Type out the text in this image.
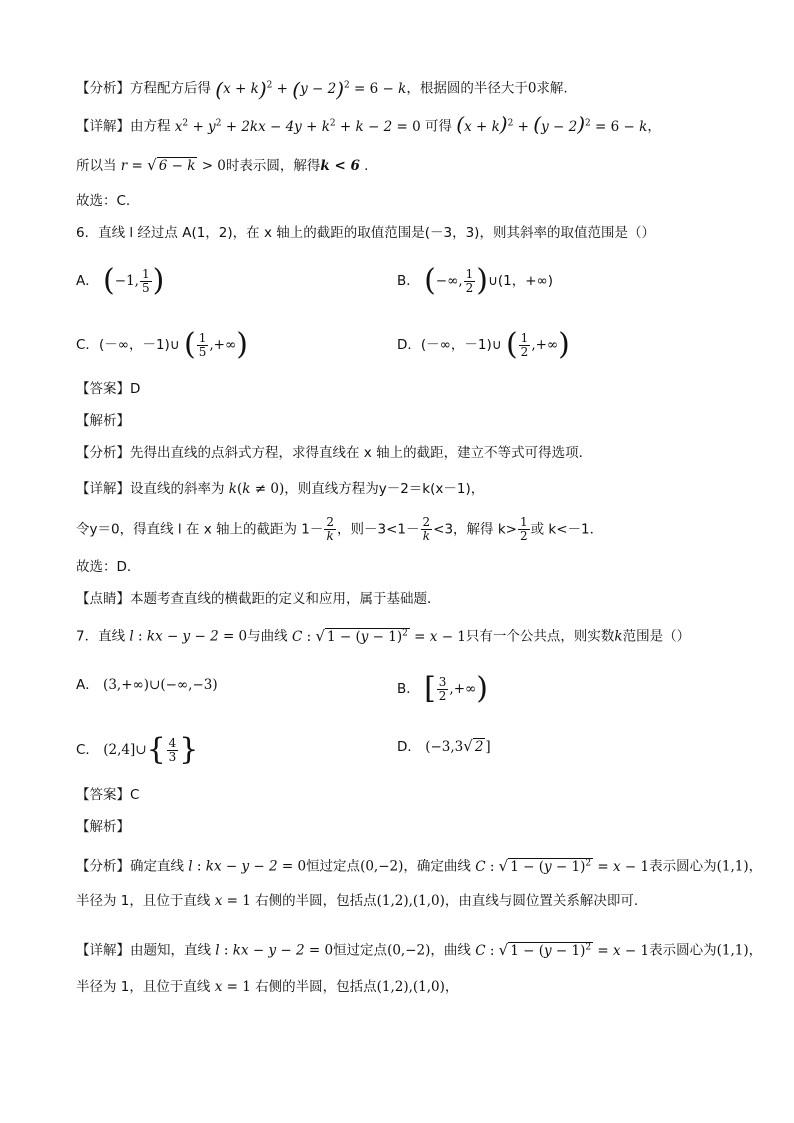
【分析】方程配方后得 $(x + k)^2 + (y - 2)^2 = 6 - k$，根据圆的半径大于0求解.
【详解】由方程 $x^2 + y^2 + 2kx - 4y + k^2 + k - 2 = 0$ 可得 $(x + k)^2 + (y - 2)^2 = 6 - k$，
所以当 r = √ 6 − k > 0时表示圆，解得k < 6 .
故选：C.
6．直线 l 经过点 A(1，2)，在 x 轴上的截距的取值范围是(－3，3)，则其斜率的取值范围是（）
A． (−1, $\frac{1}{5}$ )	B． (−∞, $\frac{1}{2}$ )∪(1，+∞)
C．(－∞，－1)∪ ( $\frac{1}{5}$ ,+∞)	D．(－∞，－1)∪ ( $\frac{1}{2}$ ,+∞)
【答案】D
【解析】
【分析】先得出直线的点斜式方程，求得直线在 x 轴上的截距，建立不等式可得选项．
【详解】设直线的斜率为 k(k ≠ 0)，则直线方程为y－2＝k(x－1)，
令y＝0，得直线 l 在 x 轴上的截距为 $1- \frac{2}{k}$ ，则$-3<1- \frac{2}{k} <3$，解得 $k> \frac{1}{2}$ 或 k<－1．
故选：D．
【点睛】本题考查直线的横截距的定义和应用，属于基础题．
7．直线 l : kx − y − 2 = 0与曲线 C : √ $1 - (y - 1)^2 = x - 1$只有一个公共点，则实数k范围是（）
A． (3,+∞)∪(−∞,−3)	B． [ $\frac{3}{2}$ ,+∞)
C． (2,4]∪{ $\frac{4}{3}$ }	D． (−3,3√ 2 ]
【答案】C
【解析】
【分析】确定直线 l : kx − y − 2 = 0恒过定点(0,−2)，确定曲线 C : √ $1 - (y - 1)^2 = x - 1$表示圆心为(1,1)，
半径为 1，且位于直线 x = 1 右侧的半圆，包括点(1,2),(1,0)，由直线与圆位置关系解决即可.
【详解】由题知，直线 l : kx − y − 2 = 0恒过定点(0,−2)，曲线 C : √ $1 - (y - 1)^2 = x - 1$表示圆心为(1,1)，
半径为 1，且位于直线 x = 1 右侧的半圆，包括点(1,2),(1,0)，
